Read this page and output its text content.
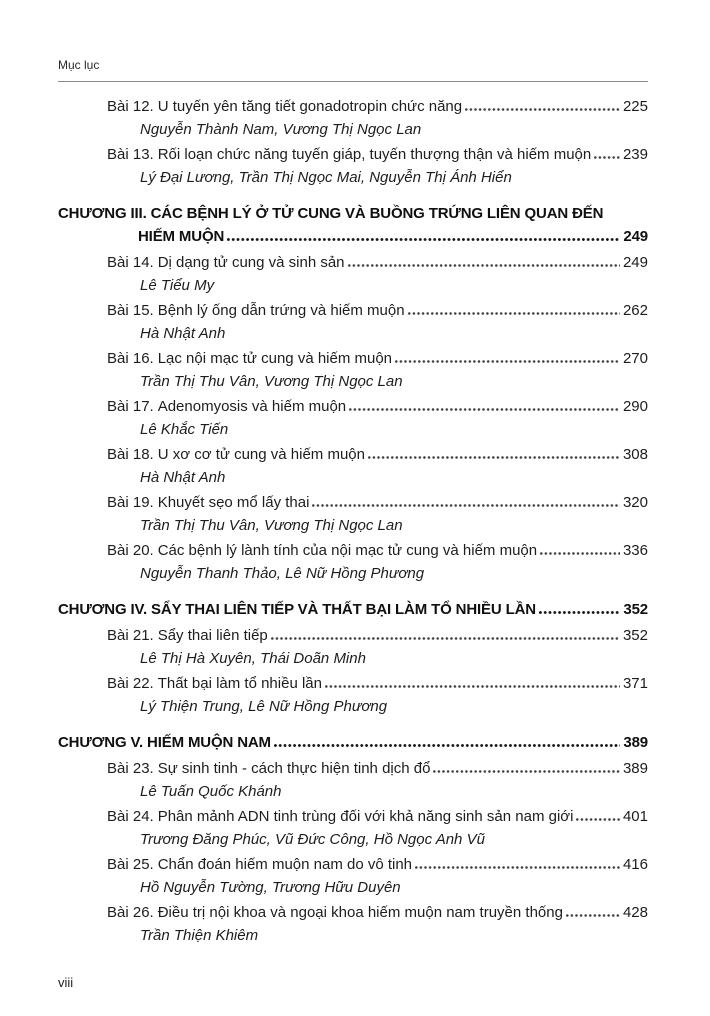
Mục lục
Bài 12. U tuyến yên tăng tiết gonadotropin chức năng	225
Nguyễn Thành Nam, Vương Thị Ngọc Lan
Bài 13. Rối loạn chức năng tuyến giáp, tuyến thượng thận và hiếm muộn 239
Lý Đại Lương, Trần Thị Ngọc Mai, Nguyễn Thị Ánh Hiển
CHƯƠNG III. CÁC BỆNH LÝ Ở TỬ CUNG VÀ BUỒNG TRỨNG LIÊN QUAN ĐẾN
HIẾM MUỘN	249
Bài 14. Dị dạng tử cung và sinh sản	249
Lê Tiểu My
Bài 15. Bệnh lý ống dẫn trứng và hiếm muộn	262
Hà Nhật Anh
Bài 16. Lạc nội mạc tử cung và hiếm muộn	270
Trần Thị Thu Vân, Vương Thị Ngọc Lan
Bài 17. Adenomyosis và hiếm muộn	290
Lê Khắc Tiến
Bài 18. U xơ cơ tử cung và hiếm muộn	308
Hà Nhật Anh
Bài 19. Khuyết sẹo mổ lấy thai	320
Trần Thị Thu Vân, Vương Thị Ngọc Lan
Bài 20. Các bệnh lý lành tính của nội mạc tử cung và hiếm muộn	336
Nguyễn Thanh Thảo, Lê Nữ Hồng Phương
CHƯƠNG IV. SẨY THAI LIÊN TIẾP VÀ THẤT BẠI LÀM TỔ NHIỀU LẦN	352
Bài 21. Sẩy thai liên tiếp	352
Lê Thị Hà Xuyên, Thái Doãn Minh
Bài 22. Thất bại làm tổ nhiều lần	371
Lý Thiện Trung, Lê Nữ Hồng Phương
CHƯƠNG V. HIẾM MUỘN NAM	389
Bài 23. Sự sinh tinh - cách thực hiện tinh dịch đổ	389
Lê Tuấn Quốc Khánh
Bài 24. Phân mảnh ADN tinh trùng đối với khả năng sinh sản nam giới	401
Trương Đăng Phúc, Vũ Đức Công, Hồ Ngọc Anh Vũ
Bài 25. Chẩn đoán hiếm muộn nam do vô tinh	416
Hồ Nguyễn Tường, Trương Hữu Duyên
Bài 26. Điều trị nội khoa và ngoại khoa hiếm muộn nam truyền thống	428
Trần Thiện Khiêm
viii
